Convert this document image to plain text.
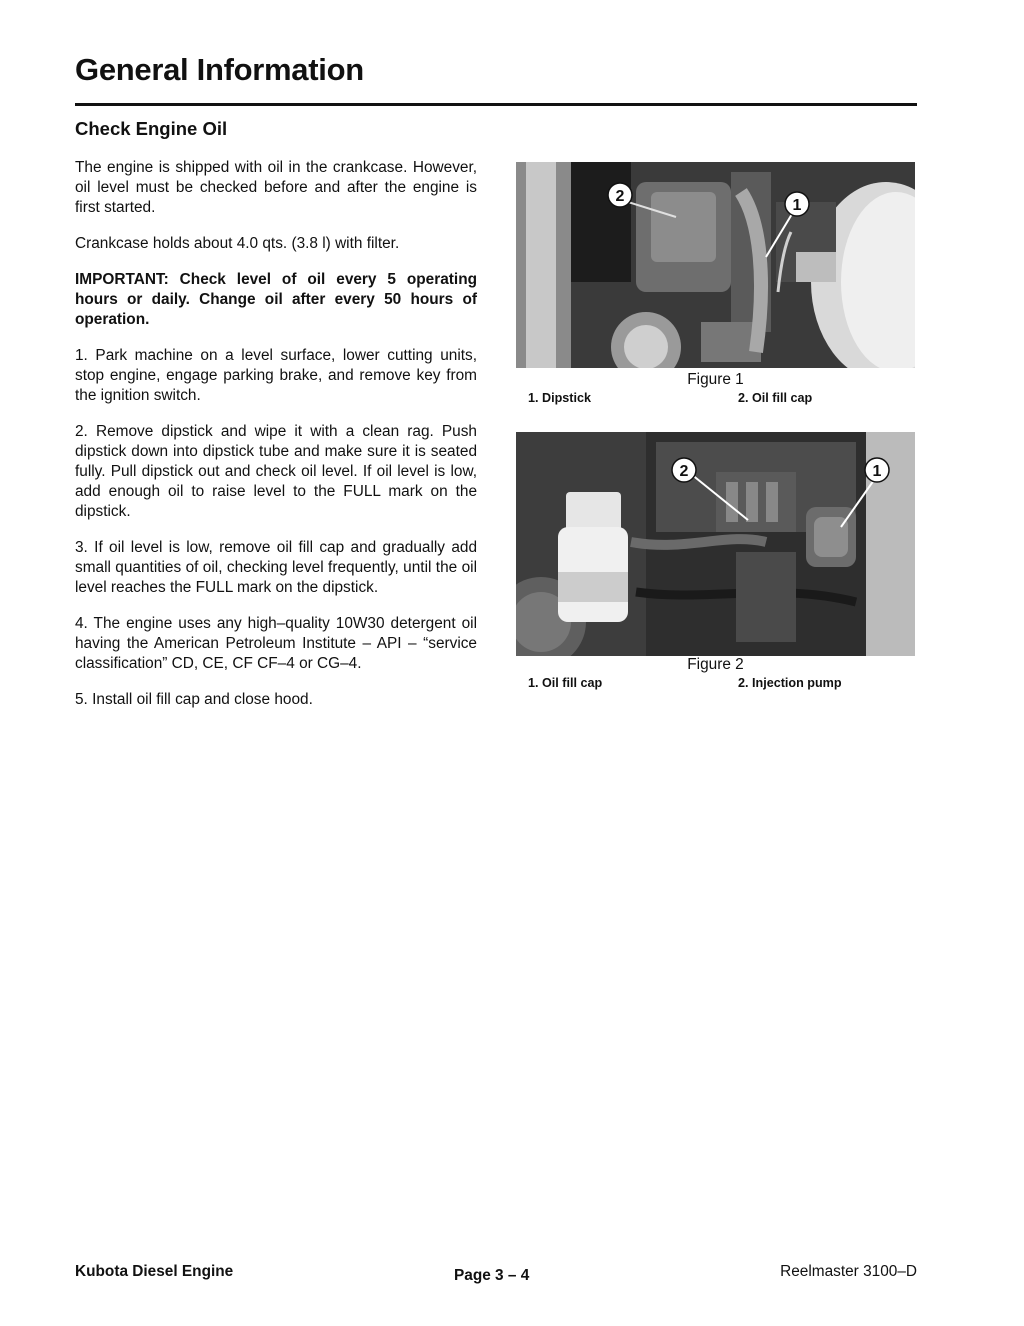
General Information
Check Engine Oil

The engine is shipped with oil in the crankcase. However, oil level must be checked before and after the engine is first started.

Crankcase holds about 4.0 qts. (3.8 l) with filter.

IMPORTANT: Check level of oil every 5 operating hours or daily. Change oil after every 50 hours of operation.

1. Park machine on a level surface, lower cutting units, stop engine, engage parking brake, and remove key from the ignition switch.

2. Remove dipstick and wipe it with a clean rag. Push dipstick down into dipstick tube and make sure it is seated fully. Pull dipstick out and check oil level. If oil level is low, add enough oil to raise level to the FULL mark on the dipstick.

3. If oil level is low, remove oil fill cap and gradually add small quantities of oil, checking level frequently, until the oil level reaches the FULL mark on the dipstick.

4. The engine uses any high–quality 10W30 detergent oil having the American Petroleum Institute – API – “service classification” CD, CE, CF CF–4 or CG–4.

5. Install oil fill cap and close hood.

2
1
Figure 1
1. Dipstick	2. Oil fill cap
2	1
Figure 2
1. Oil fill cap	2. Injection pump
Kubota Diesel Engine	Page 3 – 4	Reelmaster 3100–D
